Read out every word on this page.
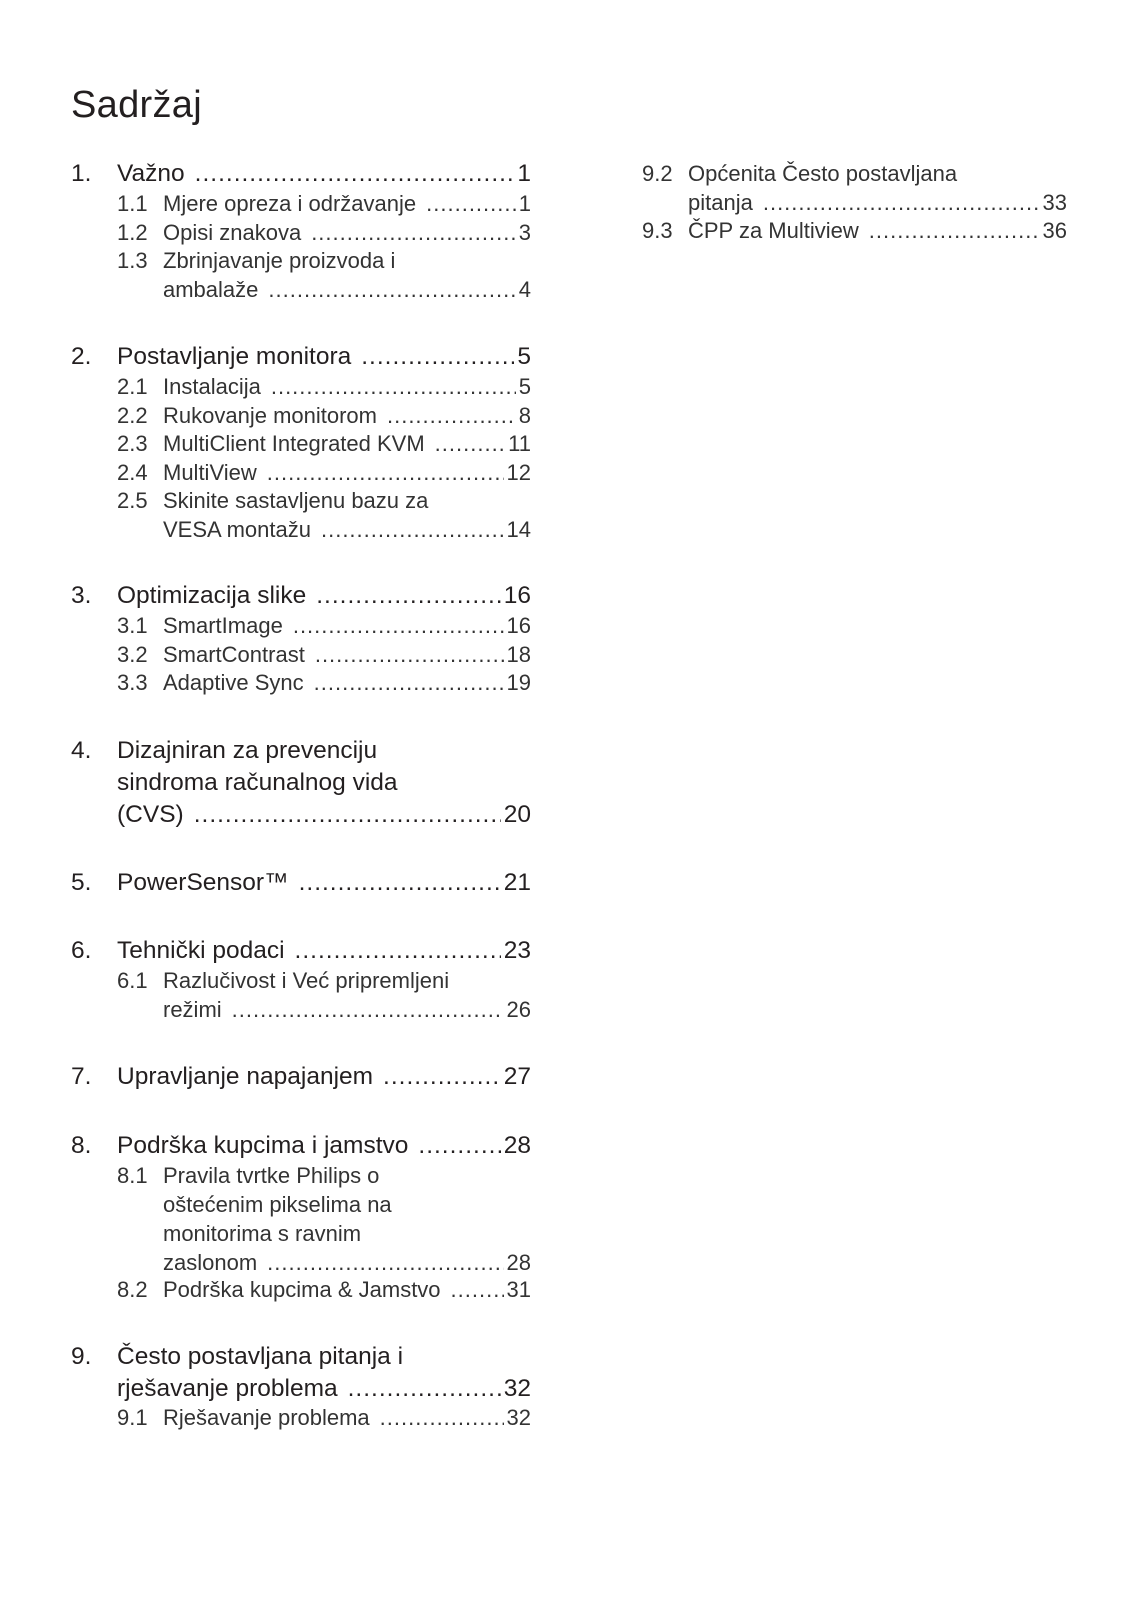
Sadržaj
1.	Važno .....	1
1.1 Mjere opreza i održavanje .....	1
1.2 Opisi znakova .....	3
1.3 Zbrinjavanje proizvoda i
ambalaže .....	4
2.	Postavljanje monitora .....	5
2.1 Instalacija .....	5
2.2 Rukovanje monitorom .....	8
2.3 MultiClient Integrated KVM .....	11
2.4 MultiView .....	12
2.5 Skinite sastavljenu bazu za
VESA montažu .....	14
3.	Optimizacija slike .....	16
3.1 SmartImage .....	16
3.2 SmartContrast .....	18
3.3 Adaptive Sync .....	19
4.	Dizajniran za prevenciju
sindroma računalnog vida
(CVS) .....	20
5.	PowerSensor™ .....	21
6.	Tehnički podaci .....	23
6.1 Razlučivost i Već pripremljeni
režimi .....	26
7.	Upravljanje napajanjem .....	27
8.	Podrška kupcima i jamstvo .....	28
8.1 Pravila tvrtke Philips o
oštećenim pikselima na
monitorima s ravnim
zaslonom .....	28
8.2 Podrška kupcima & Jamstvo .....	31
9.	Često postavljana pitanja i
rješavanje problema .....	32
9.1 Rješavanje problema .....	32
9.2 Općenita Često postavljana
pitanja .....	33
9.3 ČPP za Multiview .....	36
